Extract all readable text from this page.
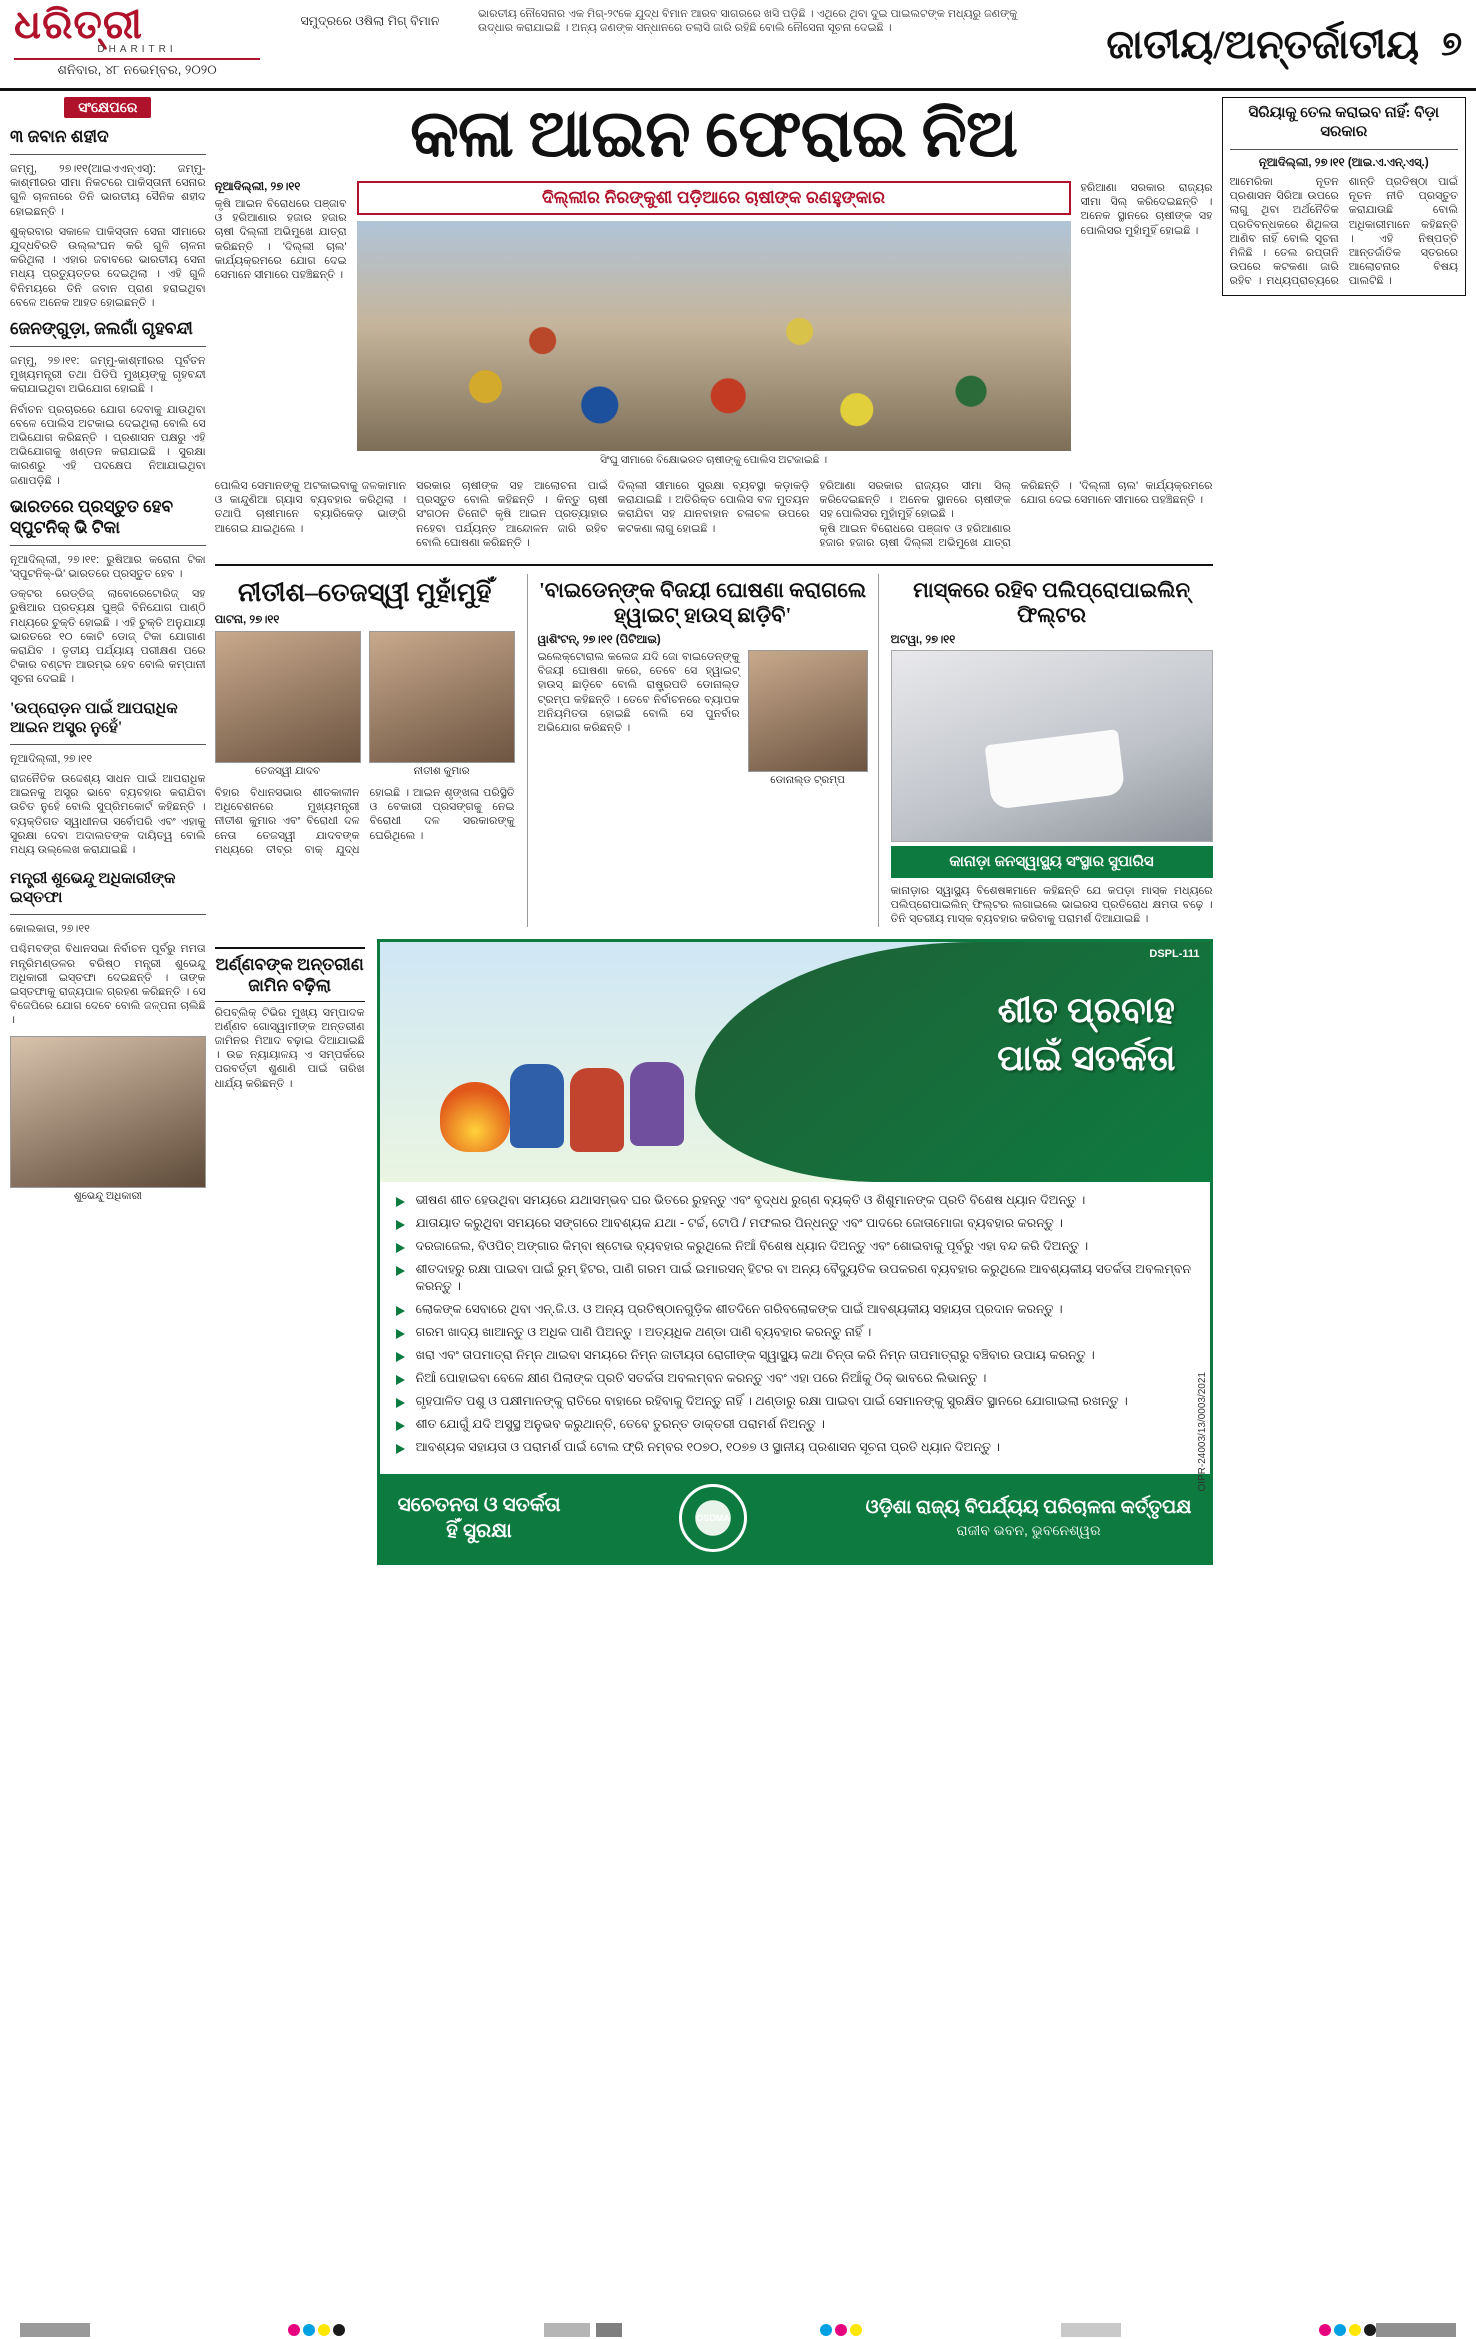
ଧରିତ୍ରୀ
DHARITRI
ଶନିବାର, ୪୮ ନଭେମ୍ବର, ୨୦୨୦
ସମୁଦ୍ରରେ ଓଷିଲା ମିଗ୍ ବିମାନ	ଭାରତୀୟ ନୌସେନାର ଏକ ମିଗ୍-୨୯କେ ଯୁଦ୍ଧ ବିମାନ ଆରବ ସାଗରରେ ଖସି ପଡ଼ିଛି । ଏଥିରେ ଥିବା ଦୁଇ ପାଇଲଟଙ୍କ ମଧ୍ୟରୁ ଜଣଙ୍କୁ ଉଦ୍ଧାର କରାଯାଇଛି । ଅନ୍ୟ ଜଣଙ୍କ ସନ୍ଧାନରେ ତଲାସି ଜାରି ରହିଛି ବୋଲି ନୌସେନା ସୂଚନା ଦେଇଛି ।	ଜାତୀୟ/ଅନ୍ତର୍ଜାତୀୟ ୭
ସଂକ୍ଷେପରେ
୩ ଜବାନ ଶହୀଦ
ଜମ୍ମୁ, ୨୭।୧୧(ଆଇଏଏନ୍ଏସ୍): ଜମ୍ମୁ-କାଶ୍ମୀରର ସୀମା ନିକଟରେ ପାକିସ୍ତାନୀ ସେନାର ଗୁଳି ଚାଳନାରେ ତିନି ଭାରତୀୟ ସୈନିକ ଶହୀଦ ହୋଇଛନ୍ତି ।
ଶୁକ୍ରବାର ସକାଳେ ପାକିସ୍ତାନ ସେନା ସୀମାରେ ଯୁଦ୍ଧବିରତି ଉଲ୍ଲଂଘନ କରି ଗୁଳି ଚାଳନା କରିଥିଲା । ଏହାର ଜବାବରେ ଭାରତୀୟ ସେନା ମଧ୍ୟ ପ୍ରତ୍ୟୁତ୍ତର ଦେଇଥିଲା । ଏହି ଗୁଳି ବିନିମୟରେ ତିନି ଜବାନ ପ୍ରାଣ ହରାଇଥିବା ବେଳେ ଅନେକ ଆହତ ହୋଇଛନ୍ତି ।
ଜେନଙ୍ଗୁଡ଼ା, ଜଲଗାଁ ଗୃହବନ୍ଦୀ
ଜମ୍ମୁ, ୨୭।୧୧: ଜମ୍ମୁ-କାଶ୍ମୀରର ପୂର୍ବତନ ମୁଖ୍ୟମନ୍ତ୍ରୀ ତଥା ପିଡିପି ମୁଖ୍ୟଙ୍କୁ ଗୃହବନ୍ଦୀ କରାଯାଇଥିବା ଅଭିଯୋଗ ହୋଇଛି ।
ନିର୍ବାଚନ ପ୍ରଚାରରେ ଯୋଗ ଦେବାକୁ ଯାଉଥିବା ବେଳେ ପୋଲିସ ଅଟକାଇ ଦେଇଥିଲା ବୋଲି ସେ ଅଭିଯୋଗ କରିଛନ୍ତି । ପ୍ରଶାସନ ପକ୍ଷରୁ ଏହି ଅଭିଯୋଗକୁ ଖଣ୍ଡନ କରାଯାଇଛି । ସୁରକ୍ଷା କାରଣରୁ ଏହି ପଦକ୍ଷେପ ନିଆଯାଇଥିବା ଜଣାପଡ଼ିଛି ।
ଭାରତରେ ପ୍ରସ୍ତୁତ ହେବ ସ୍ପୁଟନିକ୍ ଭି ଟିକା
ନୂଆଦିଲ୍ଲୀ, ୨୭।୧୧: ରୁଷିଆର କରୋନା ଟିକା 'ସ୍ପୁଟନିକ୍-ଭି' ଭାରତରେ ପ୍ରସ୍ତୁତ ହେବ ।
ଡକ୍ଟର ରେଡ୍ଡିଜ୍ ଲାବୋରେଟୋରିଜ୍ ସହ ରୁଷିଆର ପ୍ରତ୍ୟକ୍ଷ ପୁଞ୍ଜି ବିନିଯୋଗ ପାଣ୍ଠି ମଧ୍ୟରେ ଚୁକ୍ତି ହୋଇଛି । ଏହି ଚୁକ୍ତି ଅନୁଯାୟୀ ଭାରତରେ ୧୦ କୋଟି ଡୋଜ୍ ଟିକା ଯୋଗାଣ କରାଯିବ । ତୃତୀୟ ପର୍ଯ୍ୟାୟ ପରୀକ୍ଷଣ ପରେ ଟିକାର ବଣ୍ଟନ ଆରମ୍ଭ ହେବ ବୋଲି କମ୍ପାନୀ ସୂଚନା ଦେଇଛି ।
'ଉପ୍ରୋଡ଼ନ ପାଇଁ ଆପରାଧିକ ଆଇନ ଅସ୍ତ୍ର ନୁହେଁ'
ନୂଆଦିଲ୍ଲୀ, ୨୭।୧୧
ରାଜନୈତିକ ଉଦ୍ଦେଶ୍ୟ ସାଧନ ପାଇଁ ଆପରାଧିକ ଆଇନକୁ ଅସ୍ତ୍ର ଭାବେ ବ୍ୟବହାର କରାଯିବା ଉଚିତ ନୁହେଁ ବୋଲି ସୁପ୍ରିମକୋର୍ଟ କହିଛନ୍ତି । ବ୍ୟକ୍ତିଗତ ସ୍ୱାଧୀନତା ସର୍ବୋପରି ଏବଂ ଏହାକୁ ସୁରକ୍ଷା ଦେବା ଅଦାଲତଙ୍କ ଦାୟିତ୍ୱ ବୋଲି ମଧ୍ୟ ଉଲ୍ଲେଖ କରାଯାଇଛି ।
ମନ୍ତ୍ରୀ ଶୁଭେନ୍ଦୁ ଅଧିକାରୀଙ୍କ ଇସ୍ତଫା
କୋଲକାତା, ୨୭।୧୧
ପଶ୍ଚିମବଙ୍ଗ ବିଧାନସଭା ନିର୍ବାଚନ ପୂର୍ବରୁ ମମତା ମନ୍ତ୍ରିମଣ୍ଡଳର ବରିଷ୍ଠ ମନ୍ତ୍ରୀ ଶୁଭେନ୍ଦୁ ଅଧିକାରୀ ଇସ୍ତଫା ଦେଇଛନ୍ତି । ତାଙ୍କ ଇସ୍ତଫାକୁ ରାଜ୍ୟପାଳ ଗ୍ରହଣ କରିଛନ୍ତି । ସେ ବିଜେପିରେ ଯୋଗ ଦେବେ ବୋଲି ଜଳ୍ପନା ଚାଲିଛି ।
ଶୁଭେନ୍ଦୁ ଅଧିକାରୀ
କଳା ଆଇନ ଫେରାଇ ନିଅ
ନୂଆଦିଲ୍ଲୀ, ୨୭।୧୧
କୃଷି ଆଇନ ବିରୋଧରେ ପଞ୍ଜାବ ଓ ହରିଆଣାର ହଜାର ହଜାର ଚାଷୀ ଦିଲ୍ଲୀ ଅଭିମୁଖେ ଯାତ୍ରା କରିଛନ୍ତି । 'ଦିଲ୍ଲୀ ଚାଲ' କାର୍ଯ୍ୟକ୍ରମରେ ଯୋଗ ଦେଇ ସେମାନେ ସୀମାରେ ପହଞ୍ଚିଛନ୍ତି ।
ଦିଲ୍ଲୀର ନିରଙ୍କୁଶୀ ପଡ଼ିଆରେ ଚାଷୀଙ୍କ ରଣହୁଙ୍କାର
ସିଂଘୁ ସୀମାରେ ବିକ୍ଷୋଭରତ ଚାଷୀଙ୍କୁ ପୋଲିସ ଅଟକାଇଛି ।
ହରିଆଣା ସରକାର ରାଜ୍ୟର ସୀମା ସିଲ୍ କରିଦେଇଛନ୍ତି । ଅନେକ ସ୍ଥାନରେ ଚାଷୀଙ୍କ ସହ ପୋଲିସର ମୁହାଁମୁହିଁ ହୋଇଛି ।
ପୋଲିସ ସେମାନଙ୍କୁ ଅଟକାଇବାକୁ ଜଳକାମାନ ଓ କାନ୍ଦୁଣିଆ ଗ୍ୟାସ ବ୍ୟବହାର କରିଥିଲା । ତଥାପି ଚାଷୀମାନେ ବ୍ୟାରିକେଡ଼ ଭାଙ୍ଗି ଆଗେଇ ଯାଇଥିଲେ ।
ସରକାର ଚାଷୀଙ୍କ ସହ ଆଲୋଚନା ପାଇଁ ପ୍ରସ୍ତୁତ ବୋଲି କହିଛନ୍ତି । କିନ୍ତୁ ଚାଷୀ ସଂଗଠନ ତିନୋଟି କୃଷି ଆଇନ ପ୍ରତ୍ୟାହାର ନହେବା ପର୍ଯ୍ୟନ୍ତ ଆନ୍ଦୋଳନ ଜାରି ରହିବ ବୋଲି ଘୋଷଣା କରିଛନ୍ତି ।
ଦିଲ୍ଲୀ ସୀମାରେ ସୁରକ୍ଷା ବ୍ୟବସ୍ଥା କଡ଼ାକଡ଼ି କରାଯାଇଛି । ଅତିରିକ୍ତ ପୋଲିସ ବଳ ମୁତୟନ କରାଯିବା ସହ ଯାନବାହାନ ଚଳାଚଳ ଉପରେ କଟକଣା ଲାଗୁ ହୋଇଛି ।
ହରିଆଣା ସରକାର ରାଜ୍ୟର ସୀମା ସିଲ୍ କରିଦେଇଛନ୍ତି । ଅନେକ ସ୍ଥାନରେ ଚାଷୀଙ୍କ ସହ ପୋଲିସର ମୁହାଁମୁହିଁ ହୋଇଛି ।
କୃଷି ଆଇନ ବିରୋଧରେ ପଞ୍ଜାବ ଓ ହରିଆଣାର ହଜାର ହଜାର ଚାଷୀ ଦିଲ୍ଲୀ ଅଭିମୁଖେ ଯାତ୍ରା କରିଛନ୍ତି । 'ଦିଲ୍ଲୀ ଚାଲ' କାର୍ଯ୍ୟକ୍ରମରେ ଯୋଗ ଦେଇ ସେମାନେ ସୀମାରେ ପହଞ୍ଚିଛନ୍ତି ।
ନୀତୀଶ–ତେଜସ୍ୱୀ ମୁହାଁମୁହିଁ
ପାଟନା, ୨୭।୧୧
ତେଜସ୍ୱୀ ଯାଦବ	ନୀତୀଶ କୁମାର
ବିହାର ବିଧାନସଭାର ଶୀତକାଳୀନ ଅଧିବେଶନରେ ମୁଖ୍ୟମନ୍ତ୍ରୀ ନୀତୀଶ କୁମାର ଏବଂ ବିରୋଧୀ ଦଳ ନେତା ତେଜସ୍ୱୀ ଯାଦବଙ୍କ ମଧ୍ୟରେ ତୀବ୍ର ବାକ୍ ଯୁଦ୍ଧ ହୋଇଛି । ଆଇନ ଶୃଙ୍ଖଳା ପରିସ୍ଥିତି ଓ ବେକାରୀ ପ୍ରସଙ୍ଗକୁ ନେଇ ବିରୋଧୀ ଦଳ ସରକାରଙ୍କୁ ଘେରିଥିଲେ ।
'ବାଇଡେନ୍ଙ୍କ ବିଜୟୀ ଘୋଷଣା କରାଗଲେ ହ୍ୱାଇଟ୍ ହାଉସ୍ ଛାଡ଼ିବି'
ୱାଶିଂଟନ୍, ୨୭।୧୧ (ପିଟିଆଇ)
ଡୋନାଲ୍ଡ ଟ୍ରମ୍ପ
ଇଲେକ୍ଟୋରାଲ କଲେଜ ଯଦି ଜୋ ବାଇଡେନ୍ଙ୍କୁ ବିଜୟୀ ଘୋଷଣା କରେ, ତେବେ ସେ ହ୍ୱାଇଟ୍ ହାଉସ୍ ଛାଡ଼ିବେ ବୋଲି ରାଷ୍ଟ୍ରପତି ଡୋନାଲ୍ଡ ଟ୍ରମ୍ପ କହିଛନ୍ତି । ତେବେ ନିର୍ବାଚନରେ ବ୍ୟାପକ ଅନିୟମିତତା ହୋଇଛି ବୋଲି ସେ ପୁନର୍ବାର ଅଭିଯୋଗ କରିଛନ୍ତି ।
ମାସ୍କରେ ରହିବ ପଲିପ୍ରୋପାଇଲିନ୍ ଫିଲ୍ଟର
ଅଟୱା, ୨୭।୧୧
କାନାଡ଼ା ଜନସ୍ୱାସ୍ଥ୍ୟ ସଂସ୍ଥାର ସୁପାରିସ
କାନାଡ଼ାର ସ୍ୱାସ୍ଥ୍ୟ ବିଶେଷଜ୍ଞମାନେ କହିଛନ୍ତି ଯେ କପଡ଼ା ମାସ୍କ ମଧ୍ୟରେ ପଲିପ୍ରୋପାଇଲିନ୍ ଫିଲ୍ଟର ଲଗାଇଲେ ଭାଇରସ ପ୍ରତିରୋଧ କ୍ଷମତା ବଢ଼େ । ତିନି ସ୍ତରୀୟ ମାସ୍କ ବ୍ୟବହାର କରିବାକୁ ପରାମର୍ଶ ଦିଆଯାଇଛି ।
ଅର୍ଣ୍ଣବଙ୍କ ଅନ୍ତରୀଣ ଜାମିନ ବଢ଼ିଲା
ରିପବ୍ଲିକ୍ ଟିଭିର ମୁଖ୍ୟ ସମ୍ପାଦକ ଅର୍ଣ୍ଣବ ଗୋସ୍ୱାମୀଙ୍କ ଅନ୍ତରୀଣ ଜାମିନର ମିଆଦ ବଢ଼ାଇ ଦିଆଯାଇଛି । ଉଚ୍ଚ ନ୍ୟାୟାଳୟ ଏ ସମ୍ପର୍କରେ ପରବର୍ତ୍ତୀ ଶୁଣାଣି ପାଇଁ ତାରିଖ ଧାର୍ଯ୍ୟ କରିଛନ୍ତି ।
DSPL-111
ଶୀତ ପ୍ରବାହ
ପାଇଁ ସତର୍କତା
ଭୀଷଣ ଶୀତ ହେଉଥିବା ସମୟରେ ଯଥାସମ୍ଭବ ଘର ଭିତରେ ରୁହନ୍ତୁ ଏବଂ ବୃଦ୍ଧଧ ରୁଗ୍ଣ ବ୍ୟକ୍ତି ଓ ଶିଶୁମାନଙ୍କ ପ୍ରତି ବିଶେଷ ଧ୍ୟାନ ଦିଅନ୍ତୁ ।
ଯାତାୟାତ କରୁଥିବା ସମୟରେ ସଙ୍ଗରେ ଆବଶ୍ୟକ ଯଥା - ଟର୍ଚ୍ଚ, ଟୋପି / ମଫଲର ପିନ୍ଧନ୍ତୁ ଏବଂ ପାଦରେ ଜୋତାମୋଜା ବ୍ୟବହାର କରନ୍ତୁ ।
ଦରଜାଜେଲ, ବିଓପିଚ୍ ଅଙ୍ଗାର କିମ୍ବା ଷ୍ଟୋଭ ବ୍ୟବହାର କରୁଥିଲେ ନିଆଁ ବିଶେଷ ଧ୍ୟାନ ଦିଅନ୍ତୁ ଏବଂ ଶୋଇବାକୁ ପୂର୍ବରୁ ଏହା ବନ୍ଦ କରି ଦିଅନ୍ତୁ ।
ଶୀତଦାହରୁ ରକ୍ଷା ପାଇବା ପାଇଁ ରୁମ୍ ହିଟର, ପାଣି ଗରମ ପାଇଁ ଇମାରସନ୍ ହିଟର ବା ଅନ୍ୟ ବୈଦ୍ୟୁତିକ ଉପକରଣ ବ୍ୟବହାର କରୁଥିଲେ ଆବଶ୍ୟକୀୟ ସତର୍କତା ଅବଲମ୍ବନ କରନ୍ତୁ ।
ଲୋକଙ୍କ ସେବାରେ ଥିବା ଏନ୍.ଜି.ଓ. ଓ ଅନ୍ୟ ପ୍ରତିଷ୍ଠାନଗୁଡ଼ିକ ଶୀତଦିନେ ଗରିବଲୋକଙ୍କ ପାଇଁ ଆବଶ୍ୟକୀୟ ସହାୟତା ପ୍ରଦାନ କରନ୍ତୁ ।
ଗରମ ଖାଦ୍ୟ ଖାଆନ୍ତୁ ଓ ଅଧିକ ପାଣି ପିଅନ୍ତୁ । ଅତ୍ୟଧିକ ଥଣ୍ଡା ପାଣି ବ୍ୟବହାର କରନ୍ତୁ ନାହିଁ ।
ଖରା ଏବଂ ତାପମାତ୍ରା ନିମ୍ନ ଥାଇବା ସମୟରେ ନିମ୍ନ ଜାତୀୟତା ରୋଗୀଙ୍କ ସ୍ୱାସ୍ଥ୍ୟ କଥା ଚିନ୍ତା କରି ନିମ୍ନ ତାପମାତ୍ରାରୁ ବଞ୍ଚିବାର ଉପାୟ କରନ୍ତୁ ।
ନିଆଁ ପୋହାଇବା ବେଳେ କ୍ଷୀଣ ପିଲାଙ୍କ ପ୍ରତି ସତର୍କତା ଅବଲମ୍ବନ କରନ୍ତୁ ଏବଂ ଏହା ପରେ ନିଆଁକୁ ଠିକ୍ ଭାବରେ ଲିଭାନ୍ତୁ ।
ଗୃହପାଳିତ ପଶୁ ଓ ପକ୍ଷୀମାନଙ୍କୁ ରାତିରେ ବାହାରେ ରହିବାକୁ ଦିଅନ୍ତୁ ନାହିଁ । ଥଣ୍ଡାରୁ ରକ୍ଷା ପାଇବା ପାଇଁ ସେମାନଙ୍କୁ ସୁରକ୍ଷିତ ସ୍ଥାନରେ ଯୋଗାଇଲା ରଖନ୍ତୁ ।
ଶୀତ ଯୋଗୁଁ ଯଦି ଅସୁସ୍ଥ ଅନୁଭବ କରୁଥାନ୍ତି, ତେବେ ତୁରନ୍ତ ଡାକ୍ତରୀ ପରାମର୍ଶ ନିଅନ୍ତୁ ।
ଆବଶ୍ୟକ ସହାୟତା ଓ ପରାମର୍ଶ ପାଇଁ ଟୋଲ ଫ୍ରି ନମ୍ବର ୧୦୭୦, ୧୦୭୭ ଓ ସ୍ଥାନୀୟ ପ୍ରଶାସନ ସୂଚନା ପ୍ରତି ଧ୍ୟାନ ଦିଅନ୍ତୁ ।
ସଚେତନତା ଓ ସତର୍କତା
ହିଁ ସୁରକ୍ଷା
OSDMA	ଓଡ଼ିଶା ରାଜ୍ୟ ବିପର୍ଯ୍ୟୟ ପରିଚାଳନା କର୍ତ୍ତୃପକ୍ଷ
ରାଜୀବ ଭବନ, ଭୁବନେଶ୍ୱର
OIPR-24003/13/0003/2021
ସିରିୟାକୁ ତେଲ କରାଇବ ନାହିଁ: ବିଡ଼ା ସରକାର
ନୂଆଦିଲ୍ଲୀ, ୨୭।୧୧ (ଆଇ.ଏ.ଏନ୍.ଏସ୍.)
ଆମେରିକା ନୂତନ ପ୍ରଶାସନ ସିରିଆ ଉପରେ ଲାଗୁ ଥିବା ଅର୍ଥନୈତିକ ପ୍ରତିବନ୍ଧକରେ ଶିଥିଳତା ଆଣିବ ନାହିଁ ବୋଲି ସୂଚନା ମିଳିଛି । ତେଲ ରପ୍ତାନି ଉପରେ କଟକଣା ଜାରି ରହିବ । ମଧ୍ୟପ୍ରାଚ୍ୟରେ ଶାନ୍ତି ପ୍ରତିଷ୍ଠା ପାଇଁ ନୂତନ ନୀତି ପ୍ରସ୍ତୁତ କରାଯାଉଛି ବୋଲି ଅଧିକାରୀମାନେ କହିଛନ୍ତି । ଏହି ନିଷ୍ପତ୍ତି ଆନ୍ତର୍ଜାତିକ ସ୍ତରରେ ଆଲୋଚନାର ବିଷୟ ପାଲଟିଛି ।
